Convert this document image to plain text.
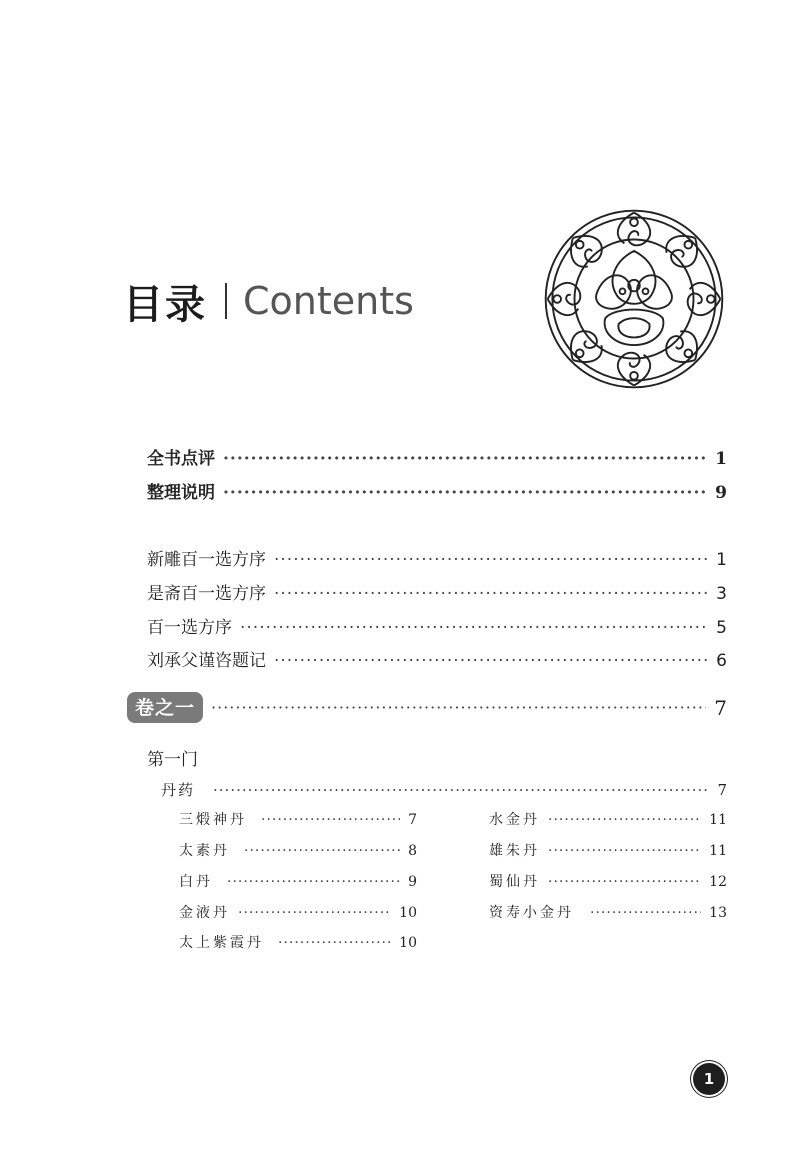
目录 Contents
全书点评 ·····	1
整理说明 ·····	9
新雕百一选方序 ·····	1
是斋百一选方序 ·····	3
百一选方序 ·····	5
刘承父谨咨题记 ·····	6
卷之一 ·····	7
第一门
丹药 ·····	7
三煅神丹 ·····	7
太素丹 ·····	8
白丹 ·····	9
金液丹 ·····	10
太上紫霞丹 ·····	10
水金丹 ·····	11
雄朱丹 ·····	11
蜀仙丹 ·····	12
资寿小金丹 ·····	13
1
